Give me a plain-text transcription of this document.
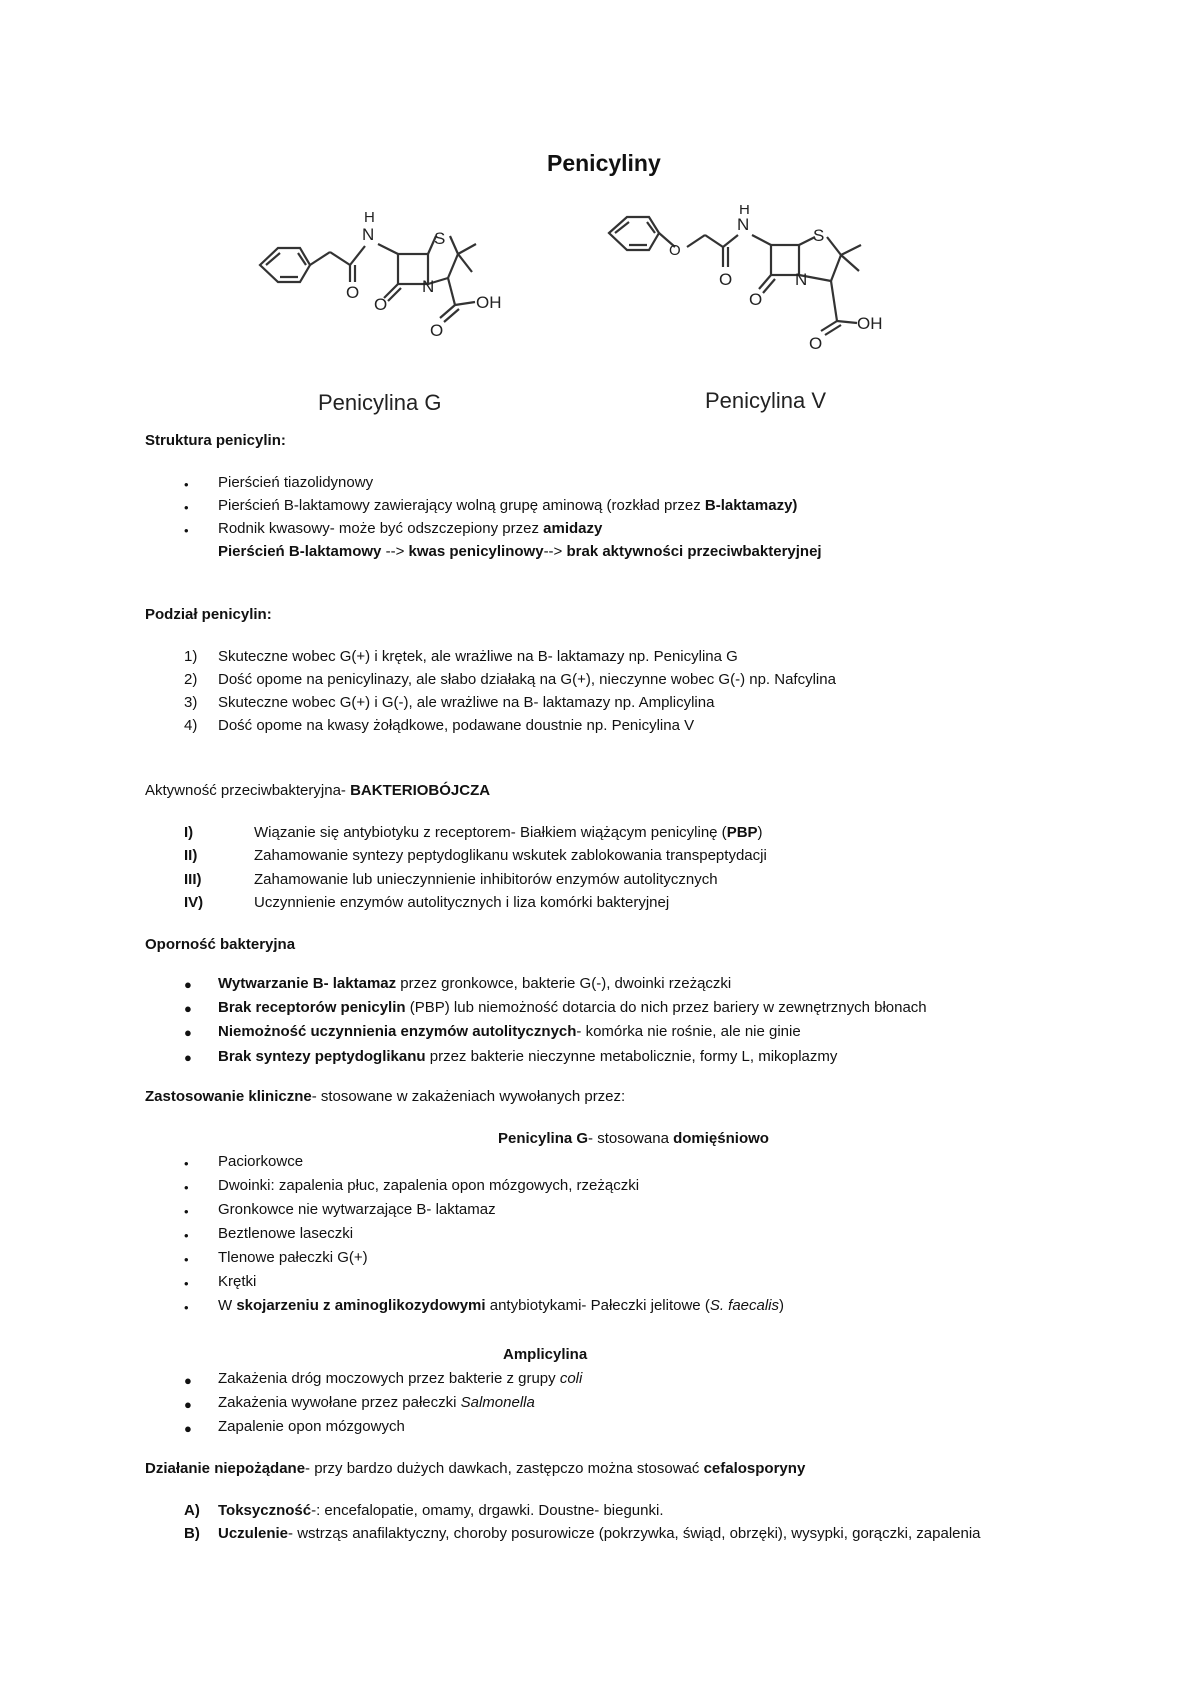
Penicyliny
N
H
S
N
O
O
O
OH
Penicylina G
O
N
H
S
N
O
O
O
OH
Penicylina V
Struktura penicylin:
• Pierścień tiazolidynowy
• Pierścień B-laktamowy zawierający wolną grupę aminową (rozkład przez B-laktamazy)
• Rodnik kwasowy- może być odszczepiony przez amidazy
Pierścień B-laktamowy --> kwas penicylinowy--> brak aktywności przeciwbakteryjnej
Podział penicylin:
1) Skuteczne wobec G(+) i krętek, ale wrażliwe na B- laktamazy np. Penicylina G
2) Dość opome na penicylinazy, ale słabo działaką na G(+), nieczynne wobec G(-) np. Nafcylina
3) Skuteczne wobec G(+) i G(-), ale wrażliwe na B- laktamazy np. Amplicylina
4) Dość opome na kwasy żołądkowe, podawane doustnie np. Penicylina V
Aktywność przeciwbakteryjna- BAKTERIOBÓJCZA
I)	Wiązanie się antybiotyku z receptorem- Białkiem wiążącym penicylinę (PBP)
II)	Zahamowanie syntezy peptydoglikanu wskutek zablokowania transpeptydacji
III)	Zahamowanie lub unieczynnienie inhibitorów enzymów autolitycznych
IV)	Uczynnienie enzymów autolitycznych i liza komórki bakteryjnej
Oporność bakteryjna
● Wytwarzanie B- laktamaz przez gronkowce, bakterie G(-), dwoinki rzeżączki
● Brak receptorów penicylin (PBP) lub niemożność dotarcia do nich przez bariery w zewnętrznych błonach
● Niemożność uczynnienia enzymów autolitycznych- komórka nie rośnie, ale nie ginie
● Brak syntezy peptydoglikanu przez bakterie nieczynne metabolicznie, formy L, mikoplazmy
Zastosowanie kliniczne- stosowane w zakażeniach wywołanych przez:
Penicylina G- stosowana domięśniowo
• Paciorkowce
• Dwoinki: zapalenia płuc, zapalenia opon mózgowych, rzeżączki
• Gronkowce nie wytwarzające B- laktamaz
• Beztlenowe laseczki
• Tlenowe pałeczki G(+)
• Krętki
• W skojarzeniu z aminoglikozydowymi antybiotykami- Pałeczki jelitowe (S. faecalis)
Amplicylina
● Zakażenia dróg moczowych przez bakterie z grupy coli
● Zakażenia wywołane przez pałeczki Salmonella
● Zapalenie opon mózgowych
Działanie niepożądane- przy bardzo dużych dawkach, zastępczo można stosować cefalosporyny
A) Toksyczność-: encefalopatie, omamy, drgawki. Doustne- biegunki.
B) Uczulenie- wstrząs anafilaktyczny, choroby posurowicze (pokrzywka, świąd, obrzęki), wysypki, gorączki, zapalenia
